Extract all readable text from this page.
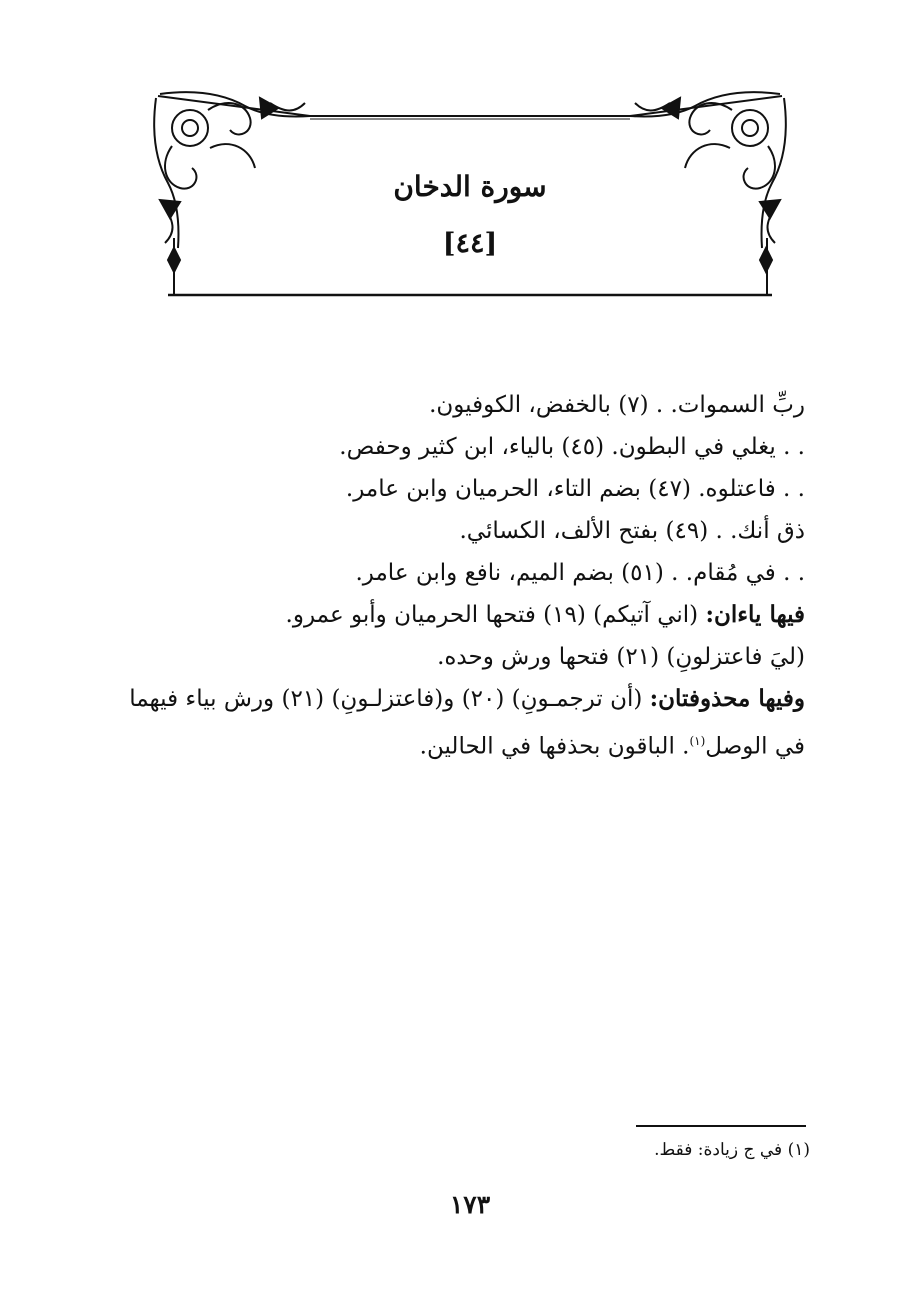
سورة الدخان
[٤٤]
ربِّ السموات. . (٧) بالخفض، الكوفيون.
. . يغلي في البطون. (٤٥) بالياء، ابن كثير وحفص.
. . فاعتلوه. (٤٧) بضم التاء، الحرميان وابن عامر.
ذق أنك. . (٤٩) بفتح الألف، الكسائي.
. . في مُقام. . (٥١) بضم الميم، نافع وابن عامر.
فيها ياءان: (اني آتيكم) (١٩) فتحها الحرميان وأبو عمرو.
(ليَ فاعتزلونِ) (٢١) فتحها ورش وحده.
وفيها محذوفتان: (أن ترجمـونِ) (٢٠) و(فاعتزلـونِ) (٢١) ورش بياء فيهما في الوصل$^{(١)}$. الباقون بحذفها في الحالين.
(١) في ج زيادة: فقط.
١٧٣
